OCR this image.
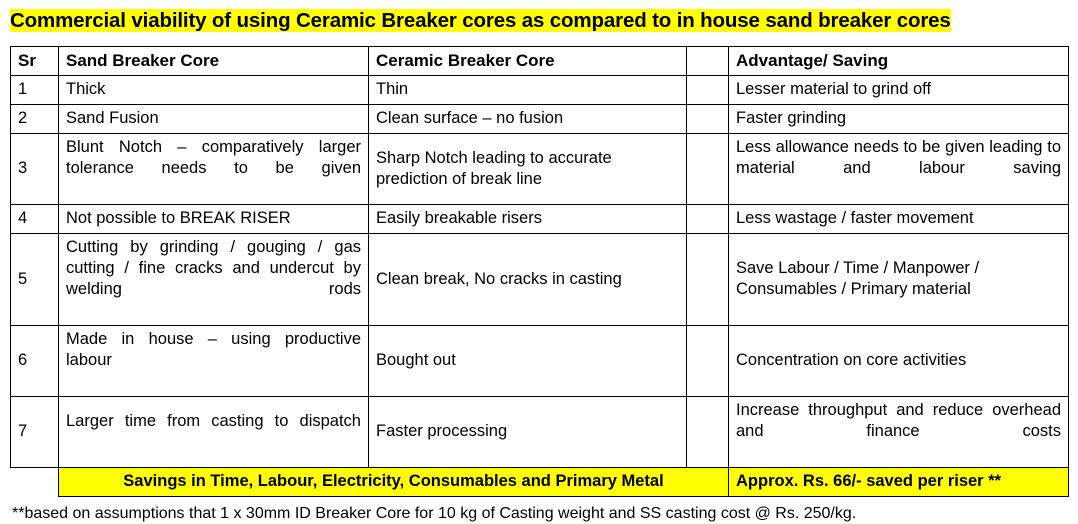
Commercial viability of using Ceramic Breaker cores as compared to in house sand breaker cores
Sr	Sand Breaker Core	Ceramic Breaker Core		Advantage/ Saving
1	Thick	Thin		Lesser material to grind off
2	Sand Fusion	Clean surface – no fusion		Faster grinding
3	Blunt Notch – comparatively larger tolerance needs to be given	Sharp Notch leading to accurate prediction of break line		Less allowance needs to be given leading to material and labour saving
4	Not possible to BREAK RISER	Easily breakable risers		Less wastage / faster movement
5	Cutting by grinding / gouging / gas cutting / fine cracks and undercut by welding rods	Clean break, No cracks in casting		Save Labour / Time / Manpower / Consumables / Primary material
6	Made in house – using productive labour	Bought out		Concentration on core activities
7	Larger time from casting to dispatch	Faster processing		Increase throughput and reduce overhead and finance costs
	Savings in Time, Labour, Electricity, Consumables and Primary Metal			Approx. Rs. 66/- saved per riser **
**based on assumptions that 1 x 30mm ID Breaker Core for 10 kg of Casting weight and SS casting cost @ Rs. 250/kg.
